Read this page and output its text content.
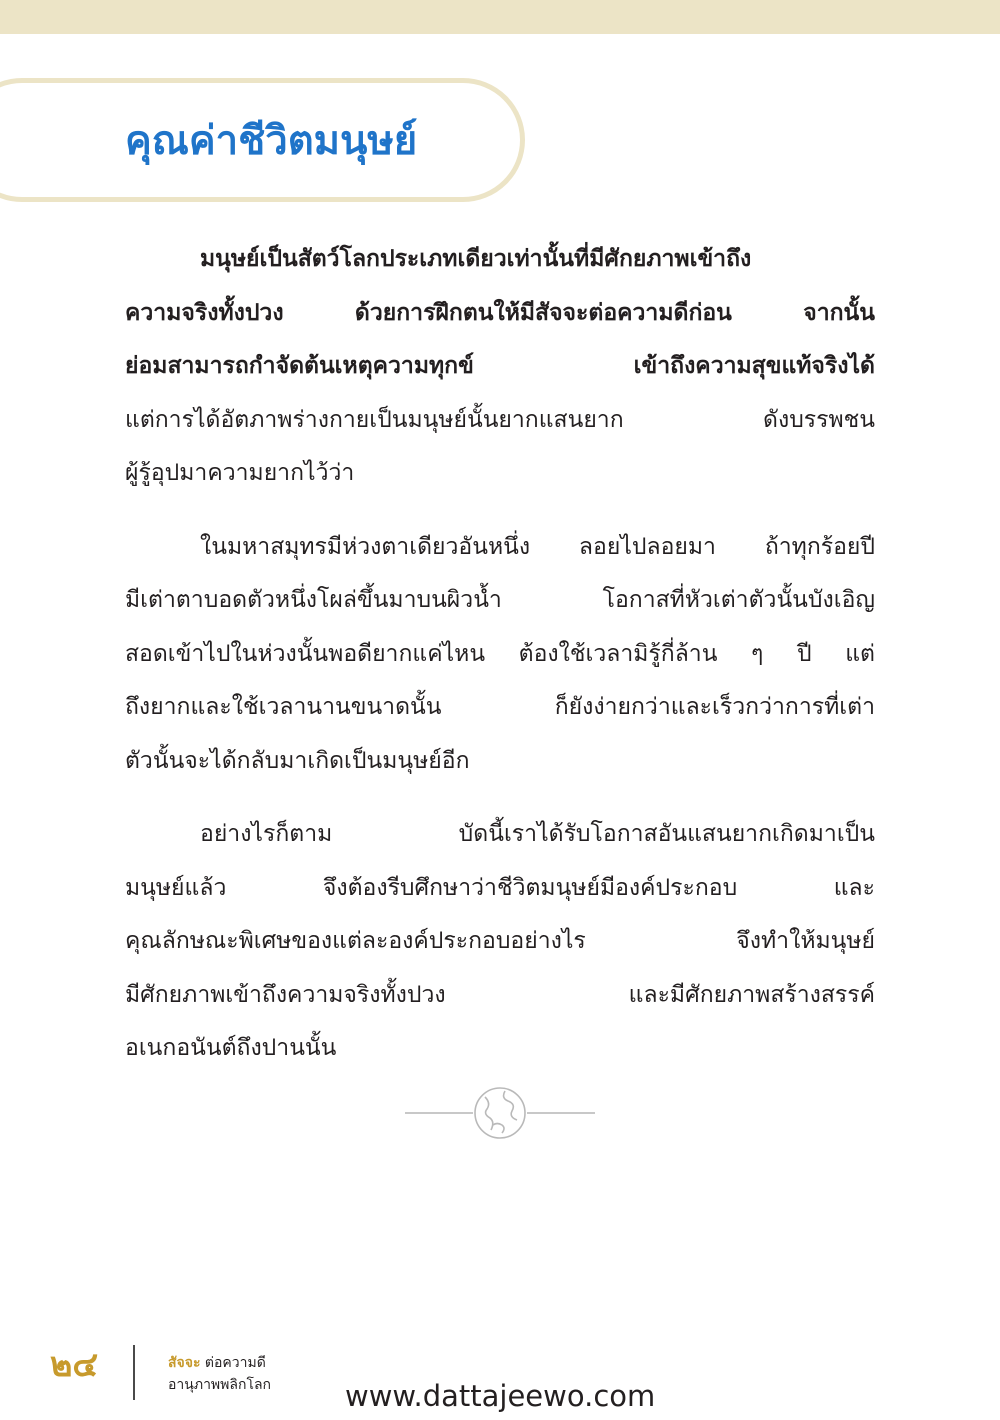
คุณค่าชีวิตมนุษย์
มนุษย์เป็นสัตว์โลกประเภทเดียวเท่านั้นที่มีศักยภาพเข้าถึง
ความจริงทั้งปวง ด้วยการฝึกตนให้มีสัจจะต่อความดีก่อน จากนั้น
ย่อมสามารถกำจัดต้นเหตุความทุกข์ เข้าถึงความสุขแท้จริงได้
แต่การได้อัตภาพร่างกายเป็นมนุษย์นั้นยากแสนยาก ดังบรรพชน
ผู้รู้อุปมาความยากไว้ว่า
ในมหาสมุทรมีห่วงตาเดียวอันหนึ่ง ลอยไปลอยมา ถ้าทุกร้อยปี
มีเต่าตาบอดตัวหนึ่งโผล่ขึ้นมาบนผิวน้ำ โอกาสที่หัวเต่าตัวนั้นบังเอิญ
สอดเข้าไปในห่วงนั้นพอดียากแค่ไหน ต้องใช้เวลามิรู้กี่ล้าน ๆ ปี แต่
ถึงยากและใช้เวลานานขนาดนั้น ก็ยังง่ายกว่าและเร็วกว่าการที่เต่า
ตัวนั้นจะได้กลับมาเกิดเป็นมนุษย์อีก
อย่างไรก็ตาม บัดนี้เราได้รับโอกาสอันแสนยากเกิดมาเป็น
มนุษย์แล้ว จึงต้องรีบศึกษาว่าชีวิตมนุษย์มีองค์ประกอบ และ
คุณลักษณะพิเศษของแต่ละองค์ประกอบอย่างไร จึงทำให้มนุษย์
มีศักยภาพเข้าถึงความจริงทั้งปวง และมีศักยภาพสร้างสรรค์
อเนกอนันต์ถึงปานนั้น
๒๔	สัจจะ ต่อความดี
อานุภาพพลิกโลก	www.dattajeewo.com
